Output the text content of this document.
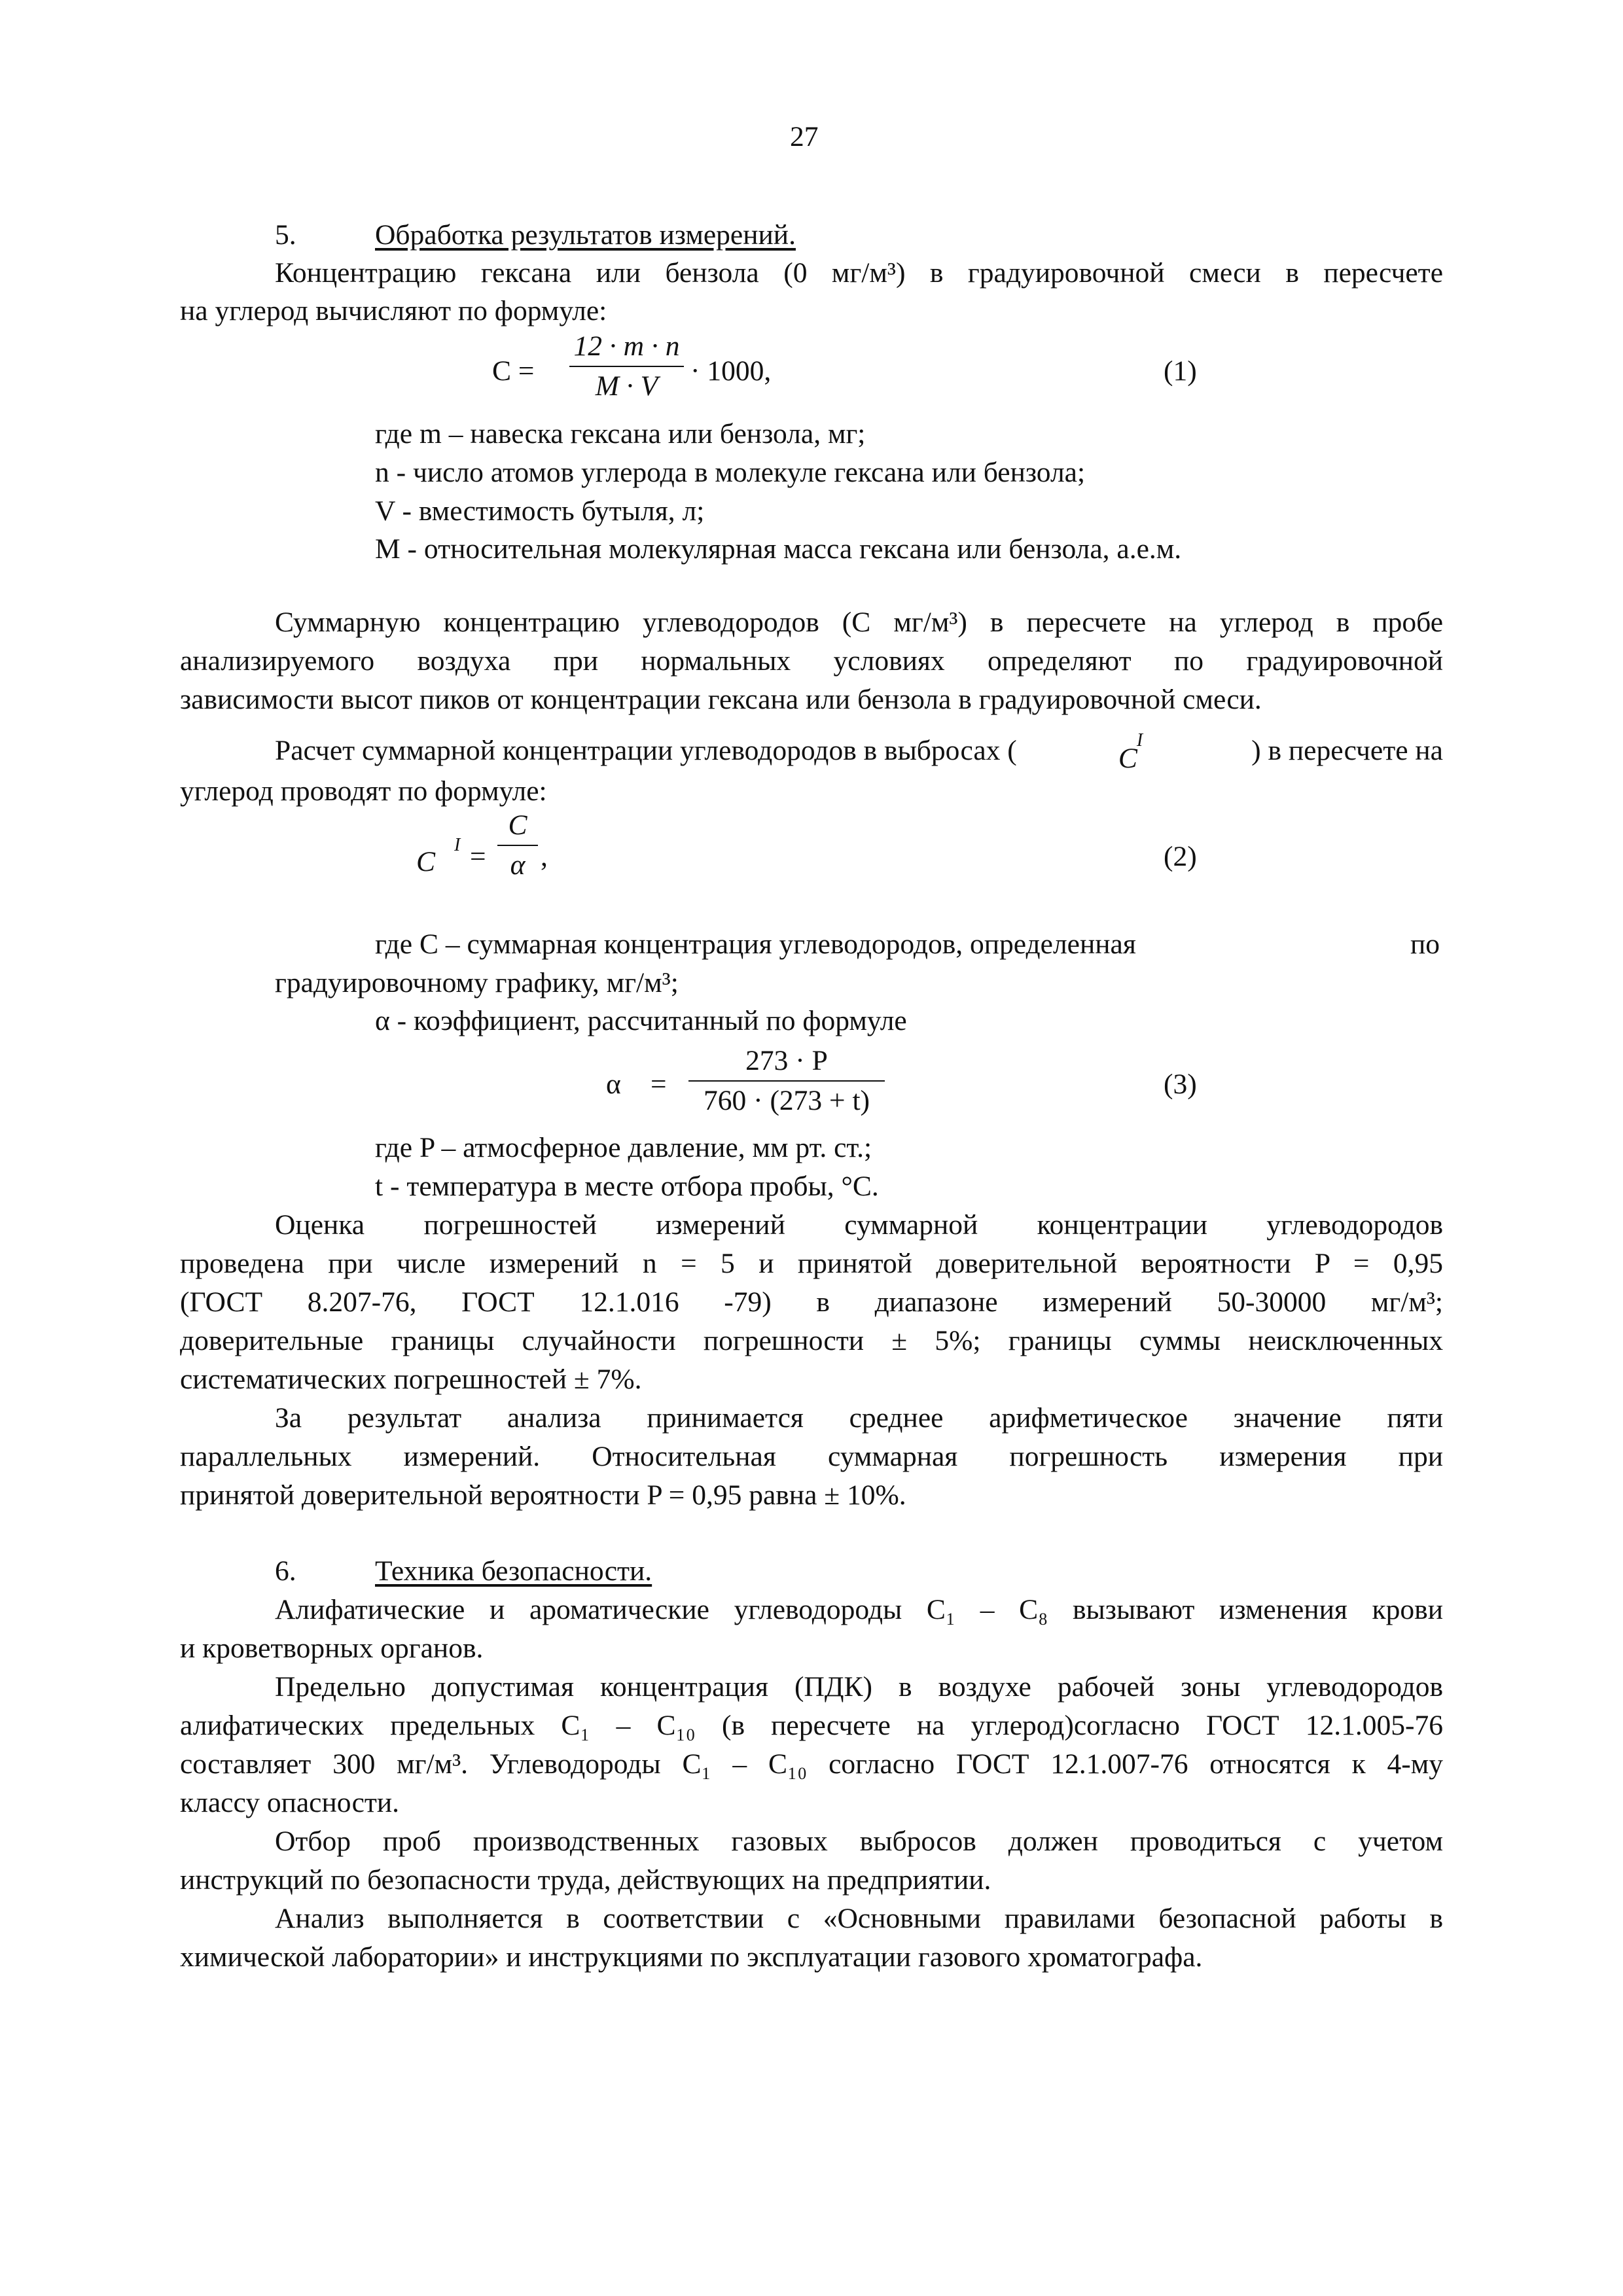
27
5.	Обработка результатов измерений.
Концентрацию гексана или бензола (0 мг/м³) в градуировочной смеси в пересчете
на углерод вычисляют по формуле:
$C = \frac{12 \cdot m \cdot n}{M \cdot V} \cdot 1000$,	(1)
где m – навеска гексана или бензола, мг;
n - число атомов углерода в молекуле гексана или бензола;
V - вместимость бутыля, л;
М - относительная молекулярная масса гексана или бензола, а.е.м.
Суммарную концентрацию углеводородов (С мг/м³) в пересчете на углерод в пробе
анализируемого воздуха при нормальных условиях определяют по градуировочной
зависимости высот пиков от концентрации гексана или бензола в градуировочной смеси.
Расчет суммарной концентрации углеводородов в выбросах (	C
I	) в пересчете на
углерод проводят по формуле:
C
$I = \frac{C}{\alpha}$ ,	(2)
где С – суммарная концентрация углеводородов, определенная	по
градуировочному графику, мг/м³;
α - коэффициент, рассчитанный по формуле
$\alpha = \frac{273 \cdot P}{760 \cdot (273 + t)}$	(3)
где P – атмосферное давление, мм рт. ст.;
t - температура в месте отбора пробы, °C.
Оценка погрешностей измерений суммарной концентрации углеводородов
проведена при числе измерений n = 5 и принятой доверительной вероятности P = 0,95
(ГОСТ 8.207-76, ГОСТ 12.1.016 -79) в диапазоне измерений 50-30000 мг/м³;
доверительные границы случайности погрешности ± 5%; границы суммы неисключенных
систематических погрешностей ± 7%.
За результат анализа принимается среднее арифметическое значение пяти
параллельных измерений. Относительная суммарная погрешность измерения при
принятой доверительной вероятности P = 0,95 равна ± 10%.
6.	Техника безопасности.
Алифатические и ароматические углеводороды С₁ – С₈ вызывают изменения крови
и кроветворных органов.
Предельно допустимая концентрация (ПДК) в воздухе рабочей зоны углеводородов
алифатических предельных С₁ – С₁₀ (в пересчете на углерод)согласно ГОСТ 12.1.005-76
составляет 300 мг/м³. Углеводороды С₁ – С₁₀ согласно ГОСТ 12.1.007-76 относятся к 4-му
классу опасности.
Отбор проб производственных газовых выбросов должен проводиться с учетом
инструкций по безопасности труда, действующих на предприятии.
Анализ выполняется в соответствии с «Основными правилами безопасной работы в
химической лаборатории» и инструкциями по эксплуатации газового хроматографа.
